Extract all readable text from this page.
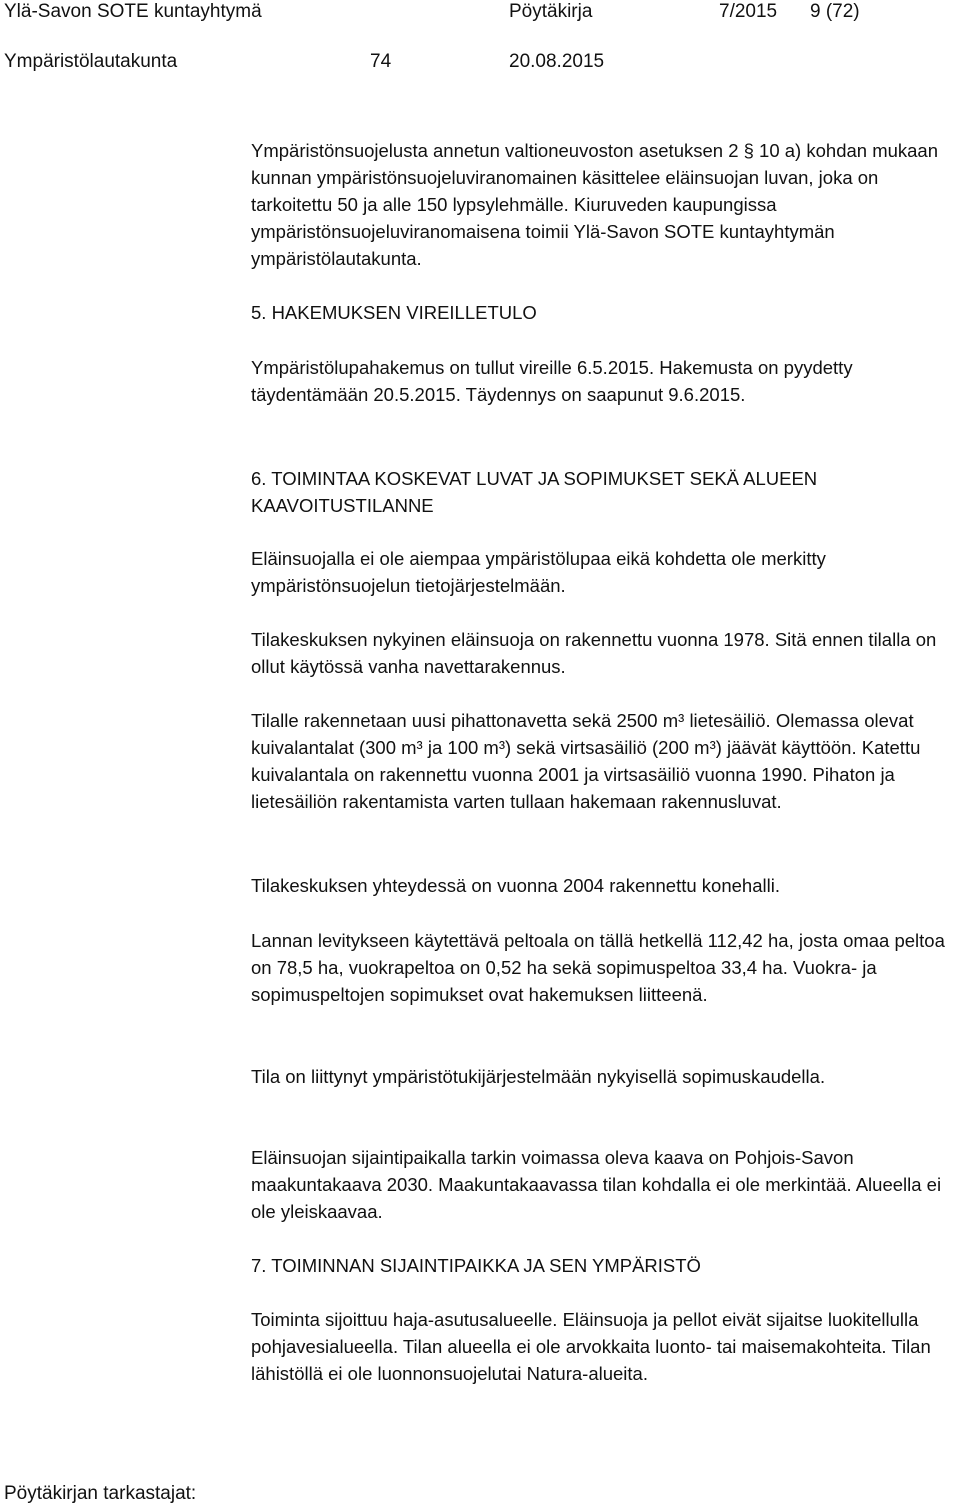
Ylä-Savon SOTE kuntayhtymä	Pöytäkirja	7/2015 9 (72)
Ympäristölautakunta	74	20.08.2015

Ympäristönsuojelusta annetun valtioneuvoston asetuksen 2 § 10 a) kohdan mukaan kunnan ympäristönsuojeluviranomainen käsittelee eläinsuojan luvan, joka on tarkoitettu 50 ja alle 150 lypsylehmälle. Kiuruveden kaupungissa ympäristönsuojeluviranomaisena toimii Ylä-Savon SOTE kuntayhtymän ympäristölautakunta.

5. HAKEMUKSEN VIREILLETULO

Ympäristölupahakemus on tullut vireille 6.5.2015. Hakemusta on pyydetty täydentämään 20.5.2015. Täydennys on saapunut 9.6.2015.

6. TOIMINTAA KOSKEVAT LUVAT JA SOPIMUKSET SEKÄ ALUEEN KAAVOITUSTILANNE

Eläinsuojalla ei ole aiempaa ympäristölupaa eikä kohdetta ole merkitty ympäristönsuojelun tietojärjestelmään.

Tilakeskuksen nykyinen eläinsuoja on rakennettu vuonna 1978. Sitä ennen tilalla on ollut käytössä vanha navettarakennus.

Tilalle rakennetaan uusi pihattonavetta sekä 2500 m³ lietesäiliö. Olemassa olevat kuivalantalat (300 m³ ja 100 m³) sekä virtsasäiliö (200 m³) jäävät käyttöön. Katettu kuivalantala on rakennettu vuonna 2001 ja virtsasäiliö vuonna 1990. Pihaton ja lietesäiliön rakentamista varten tullaan hakemaan rakennusluvat.

Tilakeskuksen yhteydessä on vuonna 2004 rakennettu konehalli.

Lannan levitykseen käytettävä peltoala on tällä hetkellä 112,42 ha, josta omaa peltoa on 78,5 ha, vuokrapeltoa on 0,52 ha sekä sopimuspeltoa 33,4 ha. Vuokra- ja sopimuspeltojen sopimukset ovat hakemuksen liitteenä.

Tila on liittynyt ympäristötukijärjestelmään nykyisellä sopimuskaudella.

Eläinsuojan sijaintipaikalla tarkin voimassa oleva kaava on Pohjois-Savon maakuntakaava 2030. Maakuntakaavassa tilan kohdalla ei ole merkintää. Alueella ei ole yleiskaavaa.

7. TOIMINNAN SIJAINTIPAIKKA JA SEN YMPÄRISTÖ

Toiminta sijoittuu haja-asutusalueelle. Eläinsuoja ja pellot eivät sijaitse luokitellulla pohjavesialueella. Tilan alueella ei ole arvokkaita luonto- tai maisemakohteita. Tilan lähistöllä ei ole luonnonsuojelutai Natura-alueita.

Pöytäkirjan tarkastajat:
